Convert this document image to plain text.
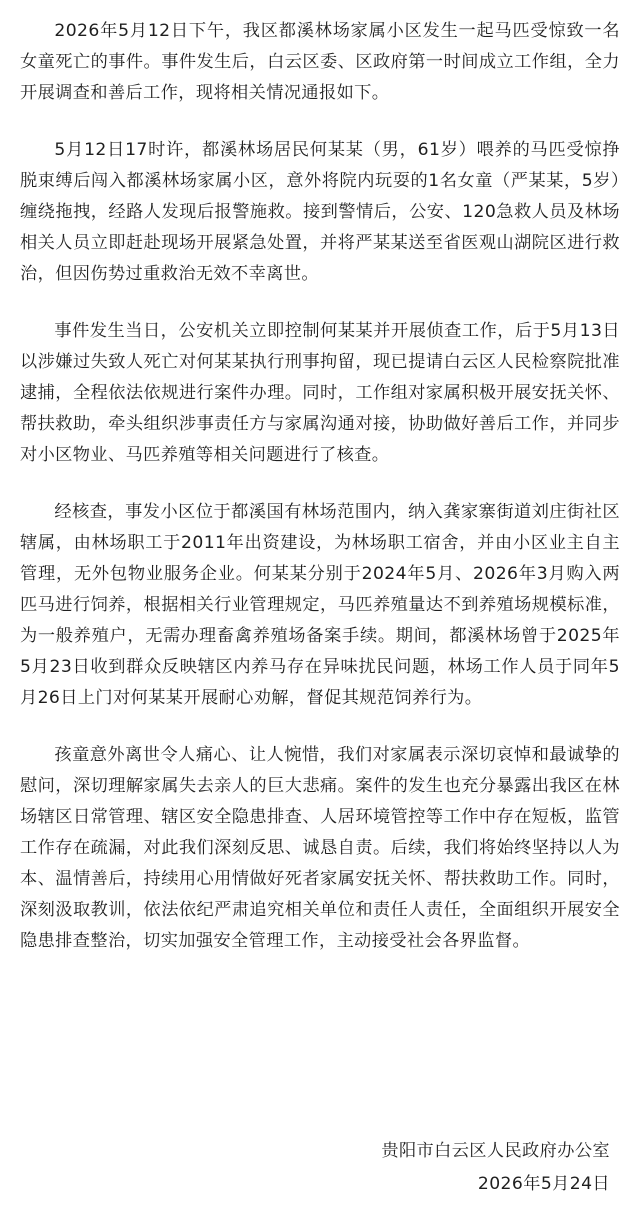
2026年5月12日下午，我区都溪林场家属小区发生一起马匹受惊致一名女童死亡的事件。事件发生后，白云区委、区政府第一时间成立工作组，全力开展调查和善后工作，现将相关情况通报如下。

5月12日17时许，都溪林场居民何某某（男，61岁）喂养的马匹受惊挣脱束缚后闯入都溪林场家属小区，意外将院内玩耍的1名女童（严某某，5岁）缠绕拖拽，经路人发现后报警施救。接到警情后，公安、120急救人员及林场相关人员立即赶赴现场开展紧急处置，并将严某某送至省医观山湖院区进行救治，但因伤势过重救治无效不幸离世。

事件发生当日，公安机关立即控制何某某并开展侦查工作，后于5月13日以涉嫌过失致人死亡对何某某执行刑事拘留，现已提请白云区人民检察院批准逮捕，全程依法依规进行案件办理。同时，工作组对家属积极开展安抚关怀、帮扶救助，牵头组织涉事责任方与家属沟通对接，协助做好善后工作，并同步对小区物业、马匹养殖等相关问题进行了核查。

经核查，事发小区位于都溪国有林场范围内，纳入龚家寨街道刘庄街社区辖属，由林场职工于2011年出资建设，为林场职工宿舍，并由小区业主自主管理，无外包物业服务企业。何某某分别于2024年5月、2026年3月购入两匹马进行饲养，根据相关行业管理规定，马匹养殖量达不到养殖场规模标准，为一般养殖户，无需办理畜禽养殖场备案手续。期间，都溪林场曾于2025年5月23日收到群众反映辖区内养马存在异味扰民问题，林场工作人员于同年5月26日上门对何某某开展耐心劝解，督促其规范饲养行为。

孩童意外离世令人痛心、让人惋惜，我们对家属表示深切哀悼和最诚挚的慰问，深切理解家属失去亲人的巨大悲痛。案件的发生也充分暴露出我区在林场辖区日常管理、辖区安全隐患排查、人居环境管控等工作中存在短板，监管工作存在疏漏，对此我们深刻反思、诚恳自责。后续，我们将始终坚持以人为本、温情善后，持续用心用情做好死者家属安抚关怀、帮扶救助工作。同时，深刻汲取教训，依法依纪严肃追究相关单位和责任人责任，全面组织开展安全隐患排查整治，切实加强安全管理工作，主动接受社会各界监督。

贵阳市白云区人民政府办公室
2026年5月24日
